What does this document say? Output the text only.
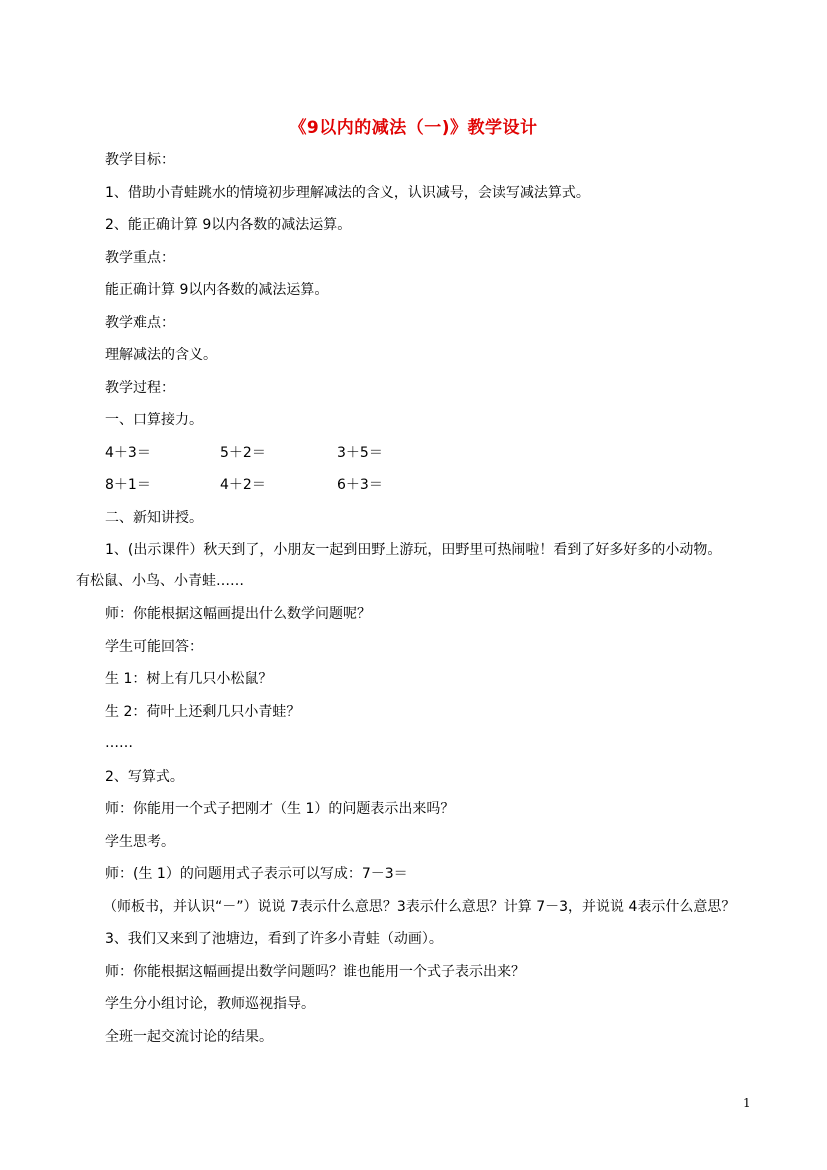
《9以内的减法（一)》教学设计
教学目标：
1、借助小青蛙跳水的情境初步理解减法的含义，认识减号，会读写减法算式。
2、能正确计算 9以内各数的减法运算。
教学重点：
能正确计算 9以内各数的减法运算。
教学难点：
理解减法的含义。
教学过程：
一、口算接力。
4＋3＝	5＋2＝	3＋5＝
8＋1＝	4＋2＝	6＋3＝
二、新知讲授。
1、(出示课件）秋天到了，小朋友一起到田野上游玩，田野里可热闹啦！看到了好多好多的小动物。
有松鼠、小鸟、小青蛙……
师：你能根据这幅画提出什么数学问题呢？
学生可能回答：
生 1：树上有几只小松鼠？
生 2：荷叶上还剩几只小青蛙？
……
2、写算式。
师：你能用一个式子把刚才（生 1）的问题表示出来吗？
学生思考。
师：(生 1）的问题用式子表示可以写成：7－3＝
（师板书，并认识“－”）说说 7表示什么意思？3表示什么意思？计算 7－3，并说说 4表示什么意思？
3、我们又来到了池塘边，看到了许多小青蛙（动画）。
师：你能根据这幅画提出数学问题吗？谁也能用一个式子表示出来？
学生分小组讨论，教师巡视指导。
全班一起交流讨论的结果。
1
